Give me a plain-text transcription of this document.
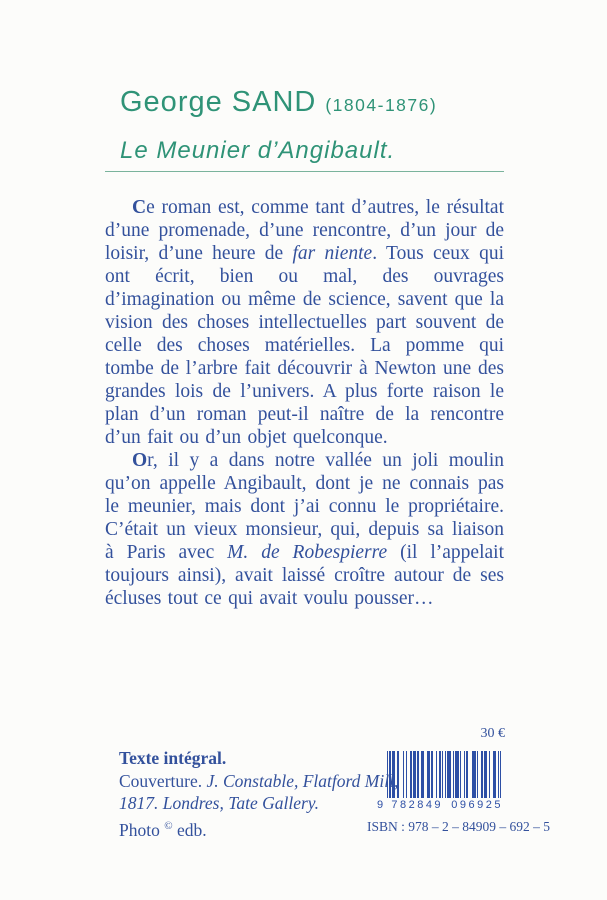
George SAND (1804-1876)
Le Meunier d’Angibault.

Ce roman est, comme tant d’autres, le résultat d’une promenade, d’une rencontre, d’un jour de loisir, d’une heure de far niente. Tous ceux qui ont écrit, bien ou mal, des ouvrages d’imagination ou même de science, savent que la vision des choses intellectuelles part souvent de celle des choses matérielles. La pomme qui tombe de l’arbre fait découvrir à Newton une des grandes lois de l’univers. A plus forte raison le plan d’un roman peut-il naître de la rencontre d’un fait ou d’un objet quelconque.

Or, il y a dans notre vallée un joli moulin qu’on appelle Angibault, dont je ne connais pas le meunier, mais dont j’ai connu le propriétaire. C’était un vieux monsieur, qui, depuis sa liaison à Paris avec M. de Robespierre (il l’appelait toujours ainsi), avait laissé croître autour de ses écluses tout ce qui avait voulu pousser…

30 €
9 782849 096925
ISBN : 978 – 2 – 84909 – 692 – 5
Texte intégral.
Couverture. J. Constable, Flatford Mill,
1817. Londres, Tate Gallery.
Photo © edb.
